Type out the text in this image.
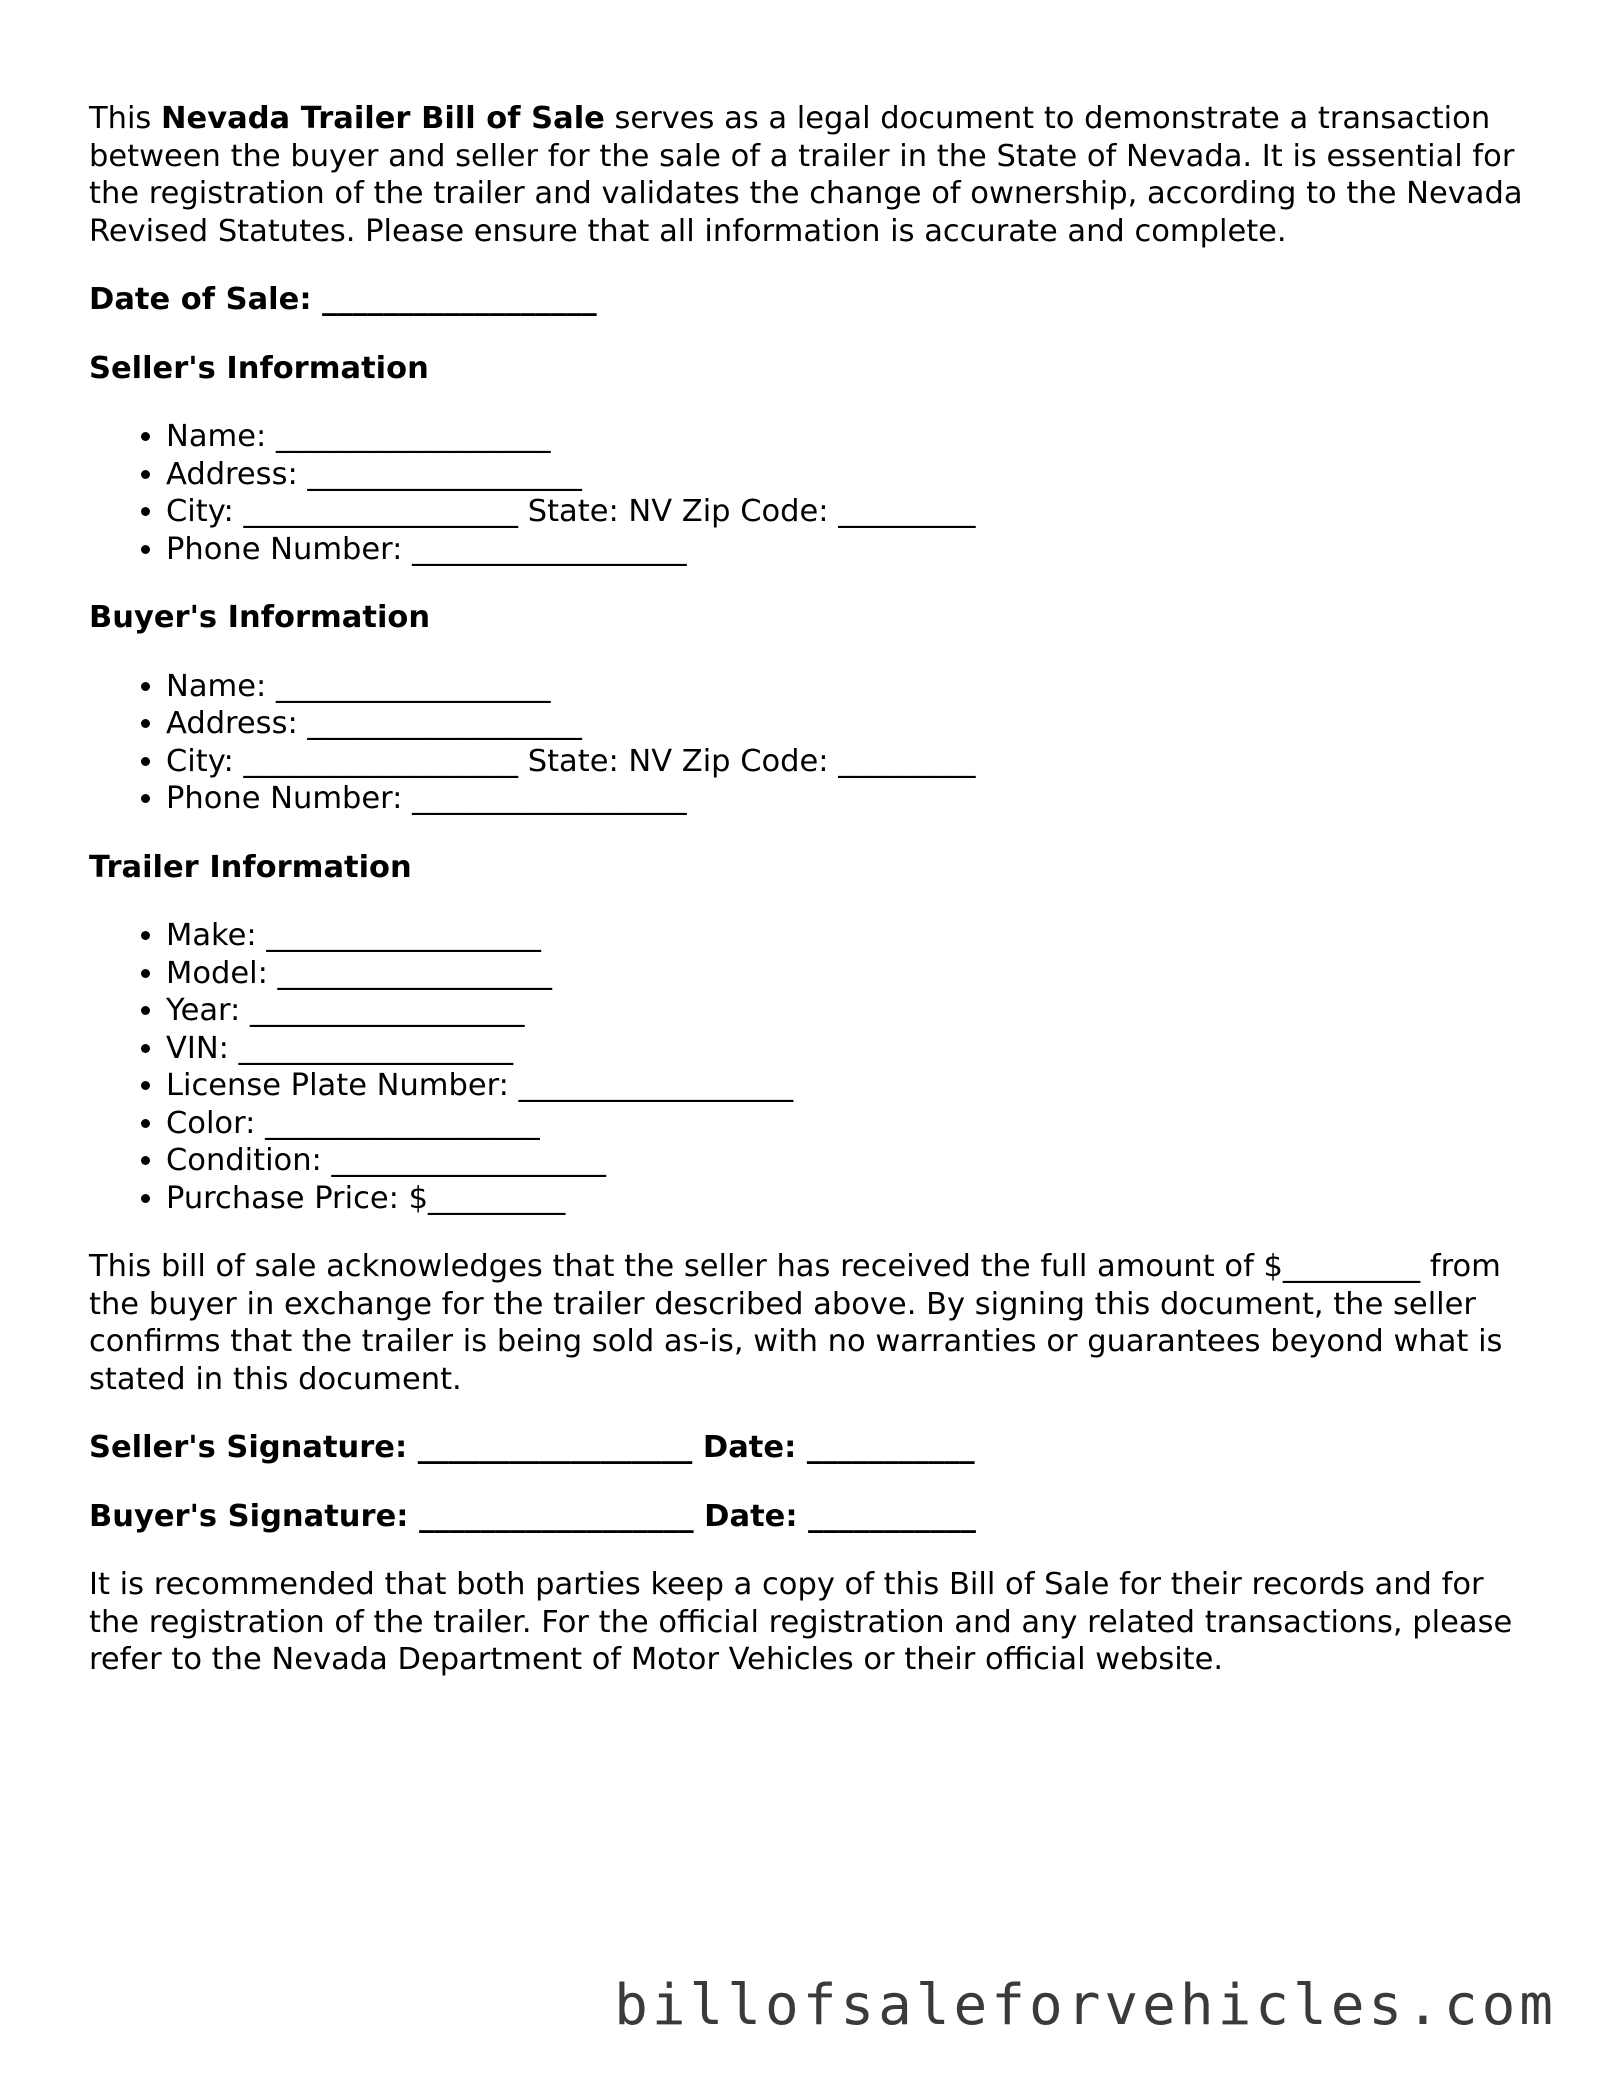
This Nevada Trailer Bill of Sale serves as a legal document to demonstrate a transaction between the buyer and seller for the sale of a trailer in the State of Nevada. It is essential for the registration of the trailer and validates the change of ownership, according to the Nevada Revised Statutes. Please ensure that all information is accurate and complete.

Date of Sale: __________________

Seller's Information
• Name: __________________
• Address: __________________
• City: __________________ State: NV Zip Code: _________
• Phone Number: __________________
Buyer's Information
• Name: __________________
• Address: __________________
• City: __________________ State: NV Zip Code: _________
• Phone Number: __________________
Trailer Information
• Make: __________________
• Model: __________________
• Year: __________________
• VIN: __________________
• License Plate Number: __________________
• Color: __________________
• Condition: __________________
• Purchase Price: $_________

This bill of sale acknowledges that the seller has received the full amount of $_________ from the buyer in exchange for the trailer described above. By signing this document, the seller confirms that the trailer is being sold as-is, with no warranties or guarantees beyond what is stated in this document.

Seller's Signature: __________________ Date: ___________

Buyer's Signature: __________________ Date: ___________

It is recommended that both parties keep a copy of this Bill of Sale for their records and for the registration of the trailer. For the official registration and any related transactions, please refer to the Nevada Department of Motor Vehicles or their official website.

billofsaleforvehicles.com
